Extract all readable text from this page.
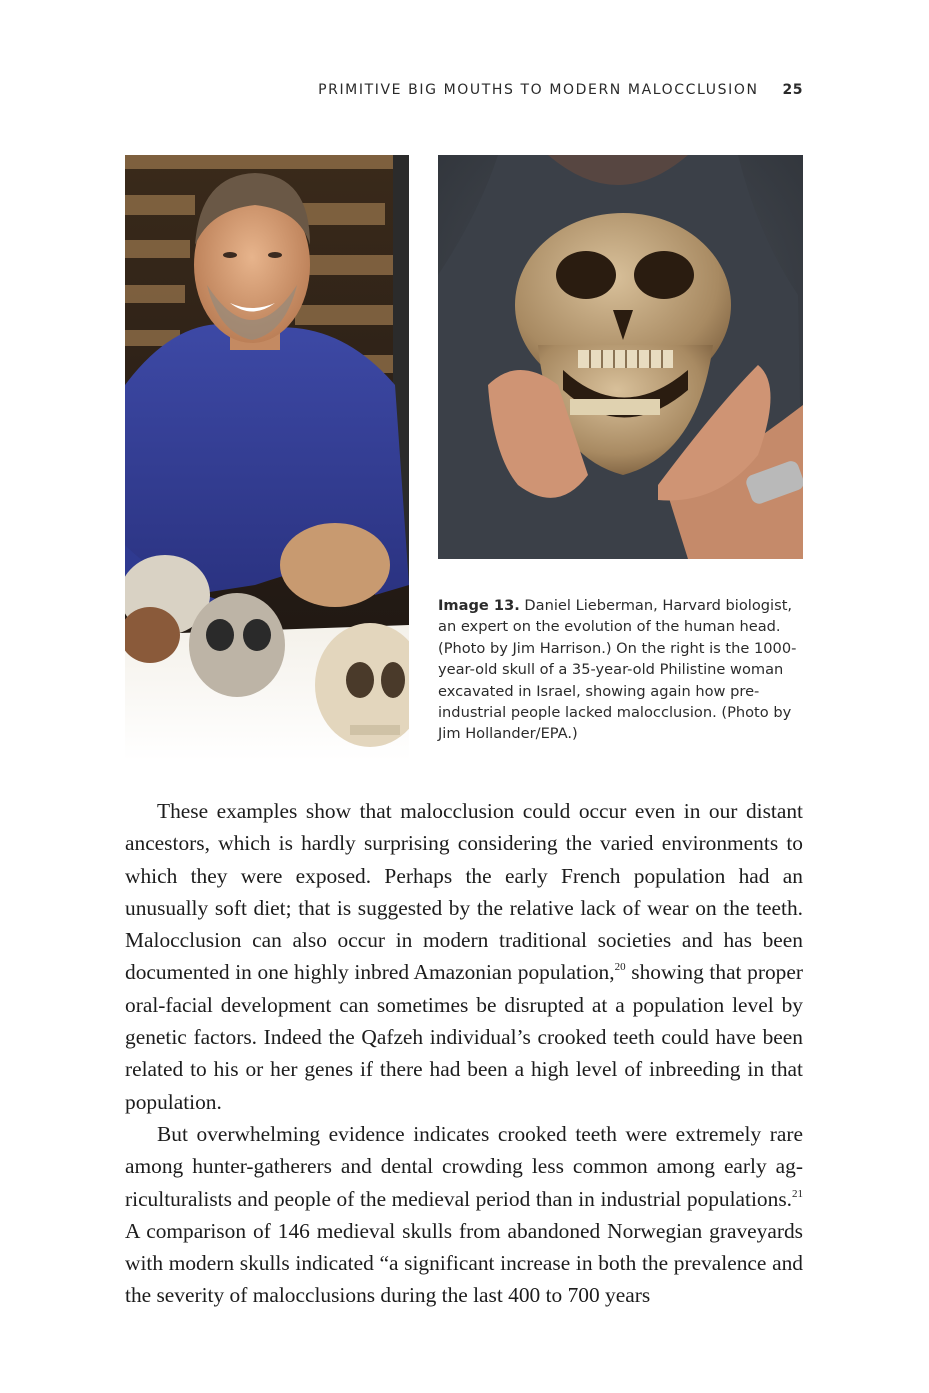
PRIMITIVE BIG MOUTHS TO MODERN MALOCCLUSION 25
Image 13. Daniel Lieberman, Harvard biologist, an expert on the evolution of the human head. (Photo by Jim Harrison.) On the right is the 1000-year-old skull of a 35-year-old Philistine woman excavated in Israel, showing again how pre-industrial people lacked malocclusion. (Photo by Jim Hollander/EPA.)

These examples show that malocclusion could occur even in our distant ancestors, which is hardly surprising considering the varied environments to which they were exposed. Perhaps the early French population had an unusually soft diet; that is suggested by the relative lack of wear on the teeth. Malocclusion can also occur in modern traditional societies and has been documented in one highly inbred Amazonian population,$^{20}$ showing that proper oral-facial development can sometimes be disrupted at a population level by genetic factors. Indeed the Qafzeh individual’s crooked teeth could have been related to his or her genes if there had been a high level of inbreeding in that population.

But overwhelming evidence indicates crooked teeth were extremely rare among hunter-gatherers and dental crowding less common among early agriculturalists and people of the medieval period than in industrial populations.$^{21}$ A comparison of 146 medieval skulls from abandoned Norwegian graveyards with modern skulls indicated “a significant increase in both the prevalence and the severity of malocclusions during the last 400 to 700 years
